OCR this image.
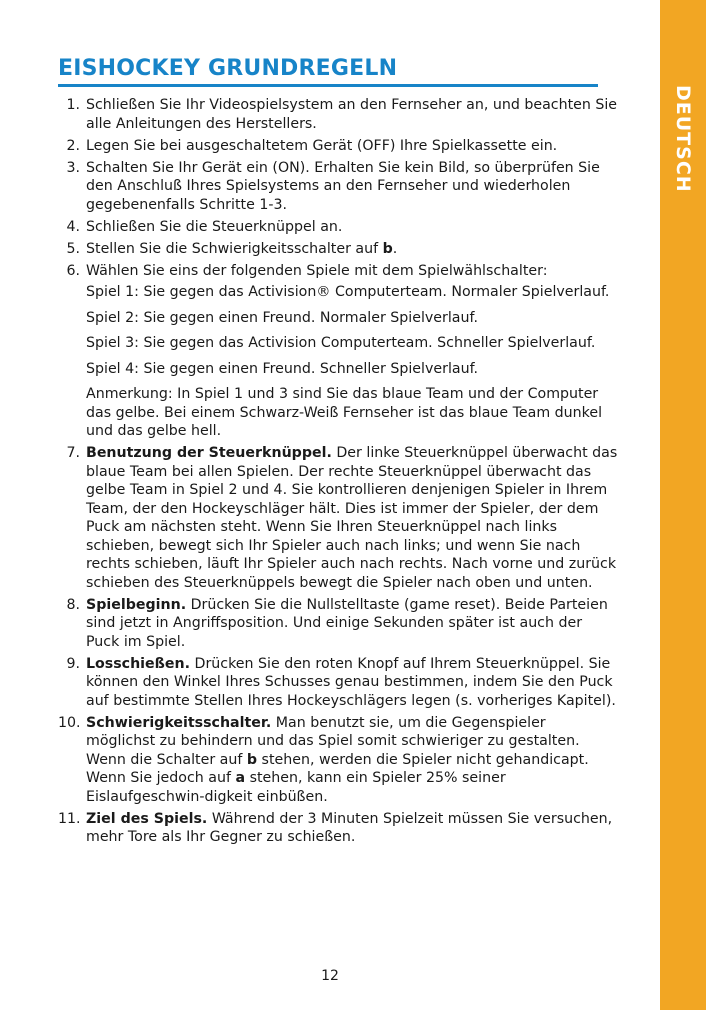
DEUTSCH
EISHOCKEY GRUNDREGELN
1. Schließen Sie Ihr Videospielsystem an den Fernseher an, und beachten Sie alle Anleitungen des Herstellers.
2. Legen Sie bei ausgeschaltetem Gerät (OFF) Ihre Spielkassette ein.
3. Schalten Sie Ihr Gerät ein (ON). Erhalten Sie kein Bild, so überprüfen Sie den Anschluß Ihres Spielsystems an den Fernseher und wiederholen gegebenenfalls Schritte 1-3.
4. Schließen Sie die Steuerknüppel an.
5. Stellen Sie die Schwierigkeitsschalter auf b.
6. Wählen Sie eins der folgenden Spiele mit dem Spielwählschalter:
Spiel 1: Sie gegen das Activision® Computerteam. Normaler Spielverlauf.
Spiel 2: Sie gegen einen Freund. Normaler Spielverlauf.
Spiel 3: Sie gegen das Activision Computerteam. Schneller Spielverlauf.
Spiel 4: Sie gegen einen Freund. Schneller Spielverlauf.
Anmerkung: In Spiel 1 und 3 sind Sie das blaue Team und der Computer das gelbe. Bei einem Schwarz-Weiß Fernseher ist das blaue Team dunkel und das gelbe hell.
7. Benutzung der Steuerknüppel. Der linke Steuerknüppel überwacht das blaue Team bei allen Spielen. Der rechte Steuerknüppel überwacht das gelbe Team in Spiel 2 und 4. Sie kontrollieren denjenigen Spieler in Ihrem Team, der den Hockeyschläger hält. Dies ist immer der Spieler, der dem Puck am nächsten steht. Wenn Sie Ihren Steuerknüppel nach links schieben, bewegt sich Ihr Spieler auch nach links; und wenn Sie nach rechts schieben, läuft Ihr Spieler auch nach rechts. Nach vorne und zurück schieben des Steuerknüppels bewegt die Spieler nach oben und unten.
8. Spielbeginn. Drücken Sie die Nullstelltaste (game reset). Beide Parteien sind jetzt in Angriffsposition. Und einige Sekunden später ist auch der Puck im Spiel.
9. Losschießen. Drücken Sie den roten Knopf auf Ihrem Steuerknüppel. Sie können den Winkel Ihres Schusses genau bestimmen, indem Sie den Puck auf bestimmte Stellen Ihres Hockeyschlägers legen (s. vorheriges Kapitel).
10. Schwierigkeitsschalter. Man benutzt sie, um die Gegenspieler möglichst zu behindern und das Spiel somit schwieriger zu gestalten. Wenn die Schalter auf b stehen, werden die Spieler nicht gehandicapt. Wenn Sie jedoch auf a stehen, kann ein Spieler 25% seiner Eislaufgeschwin-digkeit einbüßen.
11. Ziel des Spiels. Während der 3 Minuten Spielzeit müssen Sie versuchen, mehr Tore als Ihr Gegner zu schießen.
12
